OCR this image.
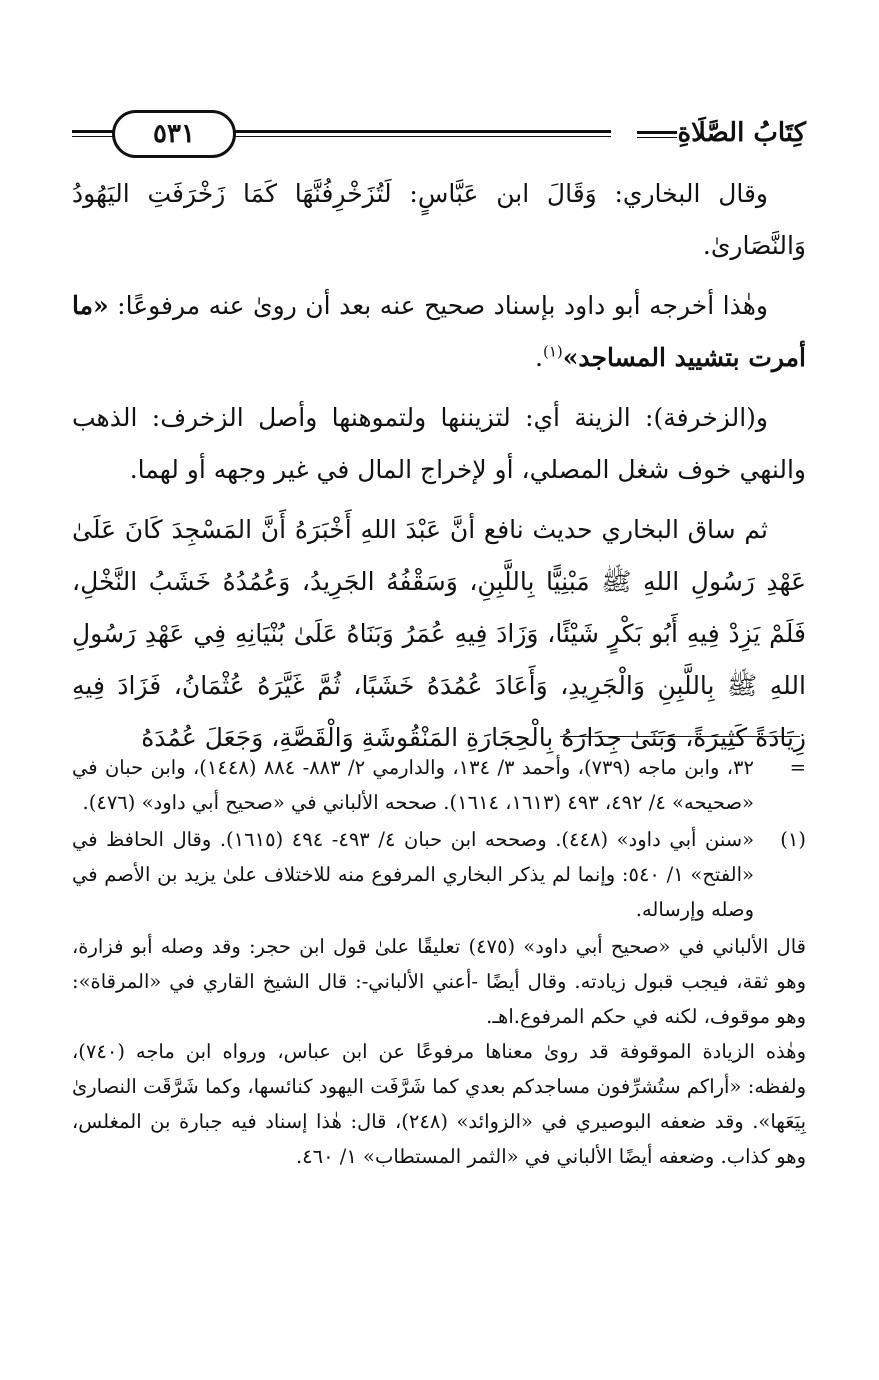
٥٣١	كِتَابُ الصَّلَاةِ

وقال البخاري: وَقَالَ ابن عَبَّاسٍ: لَتُزَخْرِفُنَّهَا كَمَا زَخْرَفَتِ اليَهُودُ وَالنَّصَارىٰ.

وهٰذا أخرجه أبو داود بإسناد صحيح عنه بعد أن روىٰ عنه مرفوعًا: «ما أمرت بتشييد المساجد»$^{(١)}$.

و(الزخرفة): الزينة أي: لتزيننها ولتموهنها وأصل الزخرف: الذهب والنهي خوف شغل المصلي، أو لإخراج المال في غير وجهه أو لهما.

ثم ساق البخاري حديث نافع أنَّ عَبْدَ اللهِ أَخْبَرَهُ أَنَّ المَسْجِدَ كَانَ عَلَىٰ عَهْدِ رَسُولِ اللهِ ﷺ مَبْنِيًّا بِاللَّبِنِ، وَسَقْفُهُ الجَرِيدُ، وَعُمُدُهُ خَشَبُ النَّخْلِ، فَلَمْ يَزِدْ فِيهِ أَبُو بَكْرٍ شَيْئًا، وَزَادَ فِيهِ عُمَرُ وَبَنَاهُ عَلَىٰ بُنْيَانِهِ فِي عَهْدِ رَسُولِ اللهِ ﷺ بِاللَّبِنِ وَالْجَرِيدِ، وَأَعَادَ عُمُدَهُ خَشَبًا، ثُمَّ غَيَّرَهُ عُثْمَانُ، فَزَادَ فِيهِ زِيَادَةً كَثِيرَةً، وَبَنَىٰ جِدَارَهُ بِالْحِجَارَةِ المَنْقُوشَةِ وَالْقَصَّةِ، وَجَعَلَ عُمُدَهُ

=

٣٢، وابن ماجه (٧٣٩)، وأحمد ٣/ ١٣٤، والدارمي ٢/ ٨٨٣- ٨٨٤ (١٤٤٨)، وابن حبان في «صحيحه» ٤/ ٤٩٢، ٤٩٣ (١٦١٣، ١٦١٤). صححه الألباني في «صحيح أبي داود» (٤٧٦).

(١)

«سنن أبي داود» (٤٤٨). وصححه ابن حبان ٤/ ٤٩٣- ٤٩٤ (١٦١٥). وقال الحافظ في «الفتح» ١/ ٥٤٠: وإنما لم يذكر البخاري المرفوع منه للاختلاف علىٰ يزيد بن الأصم في وصله وإرساله.

قال الألباني في «صحيح أبي داود» (٤٧٥) تعليقًا علىٰ قول ابن حجر: وقد وصله أبو فزارة، وهو ثقة، فيجب قبول زيادته. وقال أيضًا -أعني الألباني-: قال الشيخ القاري في «المرقاة»: وهو موقوف، لكنه في حكم المرفوع.اهـ.

وهٰذه الزيادة الموقوفة قد روىٰ معناها مرفوعًا عن ابن عباس، ورواه ابن ماجه (٧٤٠)، ولفظه: «أراكم ستُشرِّفون مساجدكم بعدي كما شَرَّفَت اليهود كنائسها، وكما شَرَّقَت النصارىٰ بِيَعَها». وقد ضعفه البوصيري في «الزوائد» (٢٤٨)، قال: هٰذا إسناد فيه جبارة بن المغلس، وهو كذاب. وضعفه أيضًا الألباني في «الثمر المستطاب» ١/ ٤٦٠.
